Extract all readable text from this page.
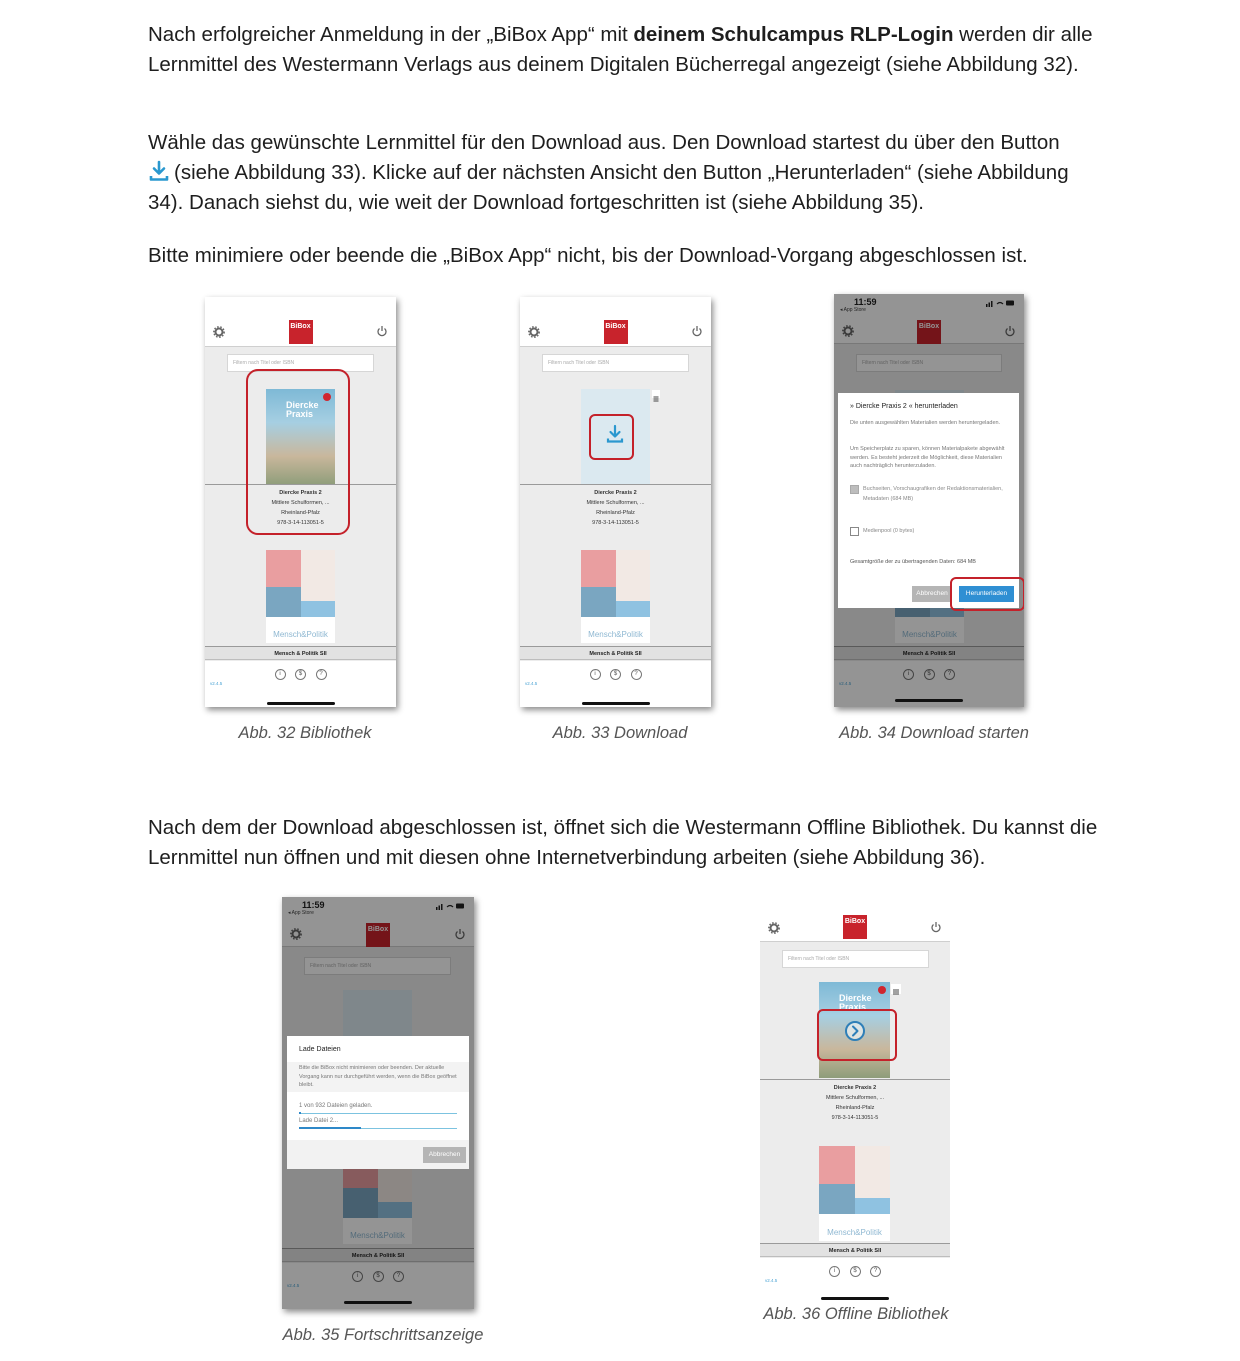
Nach erfolgreicher Anmeldung in der „BiBox App“ mit deinem Schulcampus RLP-Login werden dir alle Lernmittel des Westermann Verlags aus deinem Digitalen Bücherregal angezeigt (siehe Abbildung 32).
Wähle das gewünschte Lernmittel für den Download aus. Den Download startest du über den Button
(siehe Abbildung 33). Klicke auf der nächsten Ansicht den Button „Herunterladen“ (siehe Abbildung 34). Danach siehst du, wie weit der Download fortgeschritten ist (siehe Abbildung 35).
Bitte minimiere oder beende die „BiBox App“ nicht, bis der Download-Vorgang abgeschlossen ist.
Nach dem der Download abgeschlossen ist, öffnet sich die Westermann Offline Bibliothek. Du kannst die Lernmittel nun öffnen und mit diesen ohne Internetverbindung arbeiten (siehe Abbildung 36).
BiBox
Filtern nach Titel oder ISBN
Diercke Praxis
Diercke Praxis 2
Mittlere Schulformen, ...
Rheinland-Pfalz
978-3-14-113051-5
Mensch&Politik
Mensch & Politik SII
v2.4.5
i	$	?
Abb. 32 Bibliothek
BiBox
Filtern nach Titel oder ISBN
Diercke Praxis 2
Mittlere Schulformen, ...
Rheinland-Pfalz
978-3-14-113051-5
Mensch&Politik
Mensch & Politik SII
v2.4.5
i	$	?
Abb. 33 Download
BiBox
11:59
◂ App Store
Filtern nach Titel oder ISBN
Mensch&Politik
Mensch & Politik SII
v2.4.5
i	$	?
» Diercke Praxis 2 « herunterladen
Die unten ausgewählten Materialien werden heruntergeladen.
Um Speicherplatz zu sparen, können Materialpakete abgewählt werden. Es besteht jederzeit die Möglichkeit, diese Materialien auch nachträglich herunterzuladen.
Buchseiten, Vorschaugrafiken der Redaktionsmaterialien, Metadaten (684 MB)
Medienpool (0 bytes)
Gesamtgröße der zu übertragenden Daten: 684 MB
Abbrechen	Herunterladen
Abb. 34 Download starten
BiBox
11:59
◂ App Store
Filtern nach Titel oder ISBN
Mensch&Politik
Mensch & Politik SII
v2.4.5
i	$	?
Lade Dateien
Bitte die BiBox nicht minimieren oder beenden. Der aktuelle Vorgang kann nur durchgeführt werden, wenn die BiBox geöffnet bleibt.
1 von 932 Dateien geladen.
Lade Datei 2...
Abbrechen
Abb. 35 Fortschrittsanzeige
BiBox
Filtern nach Titel oder ISBN
Diercke Praxis
Diercke Praxis 2
Mittlere Schulformen, ...
Rheinland-Pfalz
978-3-14-113051-5
Mensch&Politik
Mensch & Politik SII
v2.4.5
i	$	?
Abb. 36 Offline Bibliothek
